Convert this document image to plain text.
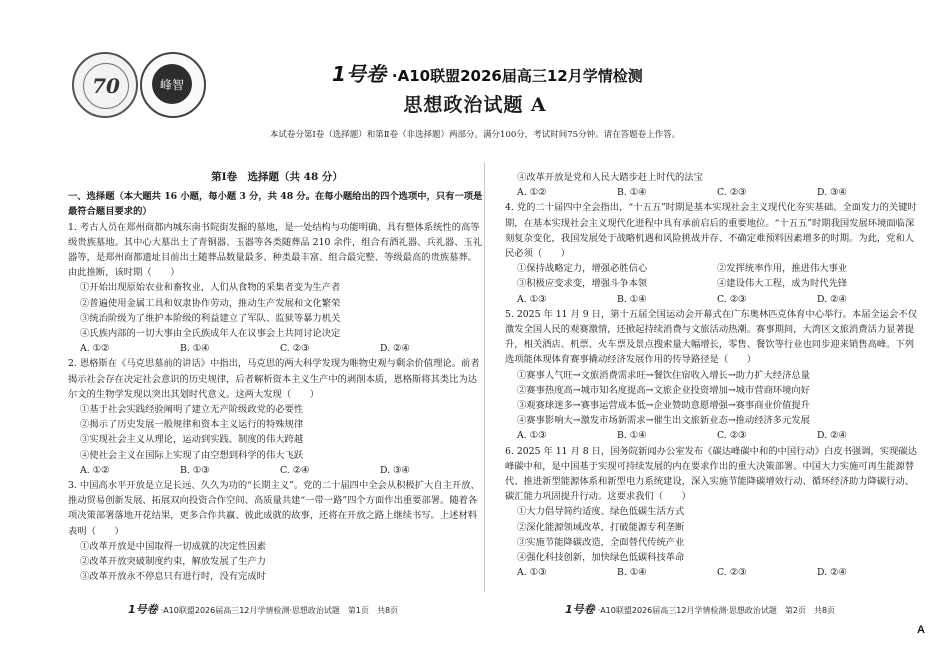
70	峰智	1号卷 ·A10联盟2026届高三12月学情检测
思想政治试题 A
本试卷分第Ⅰ卷（选择题）和第Ⅱ卷（非选择题）两部分。满分100分，考试时间75分钟。请在答题卷上作答。
第Ⅰ卷　选择题（共 48 分）

一、选择题（本大题共 16 小题，每小题 3 分，共 48 分。在每小题给出的四个选项中，只有一项是最符合题目要求的）

1. 考古人员在郑州商都内城东南书院街发掘的墓地，是一处结构与功能明确、具有整体系统性的高等级贵族墓地。其中心大墓出土了青铜器、玉器等各类随葬品 210 余件，组合有酒礼器、兵礼器、玉礼器等，是郑州商都遗址目前出土随葬品数量最多、种类最丰富、组合最完整、等级最高的贵族墓葬。由此推断，该时期（　　）

①开始出现原始农业和畜牧业，人们从食物的采集者变为生产者

②普遍使用金属工具和奴隶协作劳动，推动生产发展和文化繁荣

③统治阶级为了维护本阶级的利益建立了军队、监狱等暴力机关

④氏族内部的一切大事由全氏族成年人在议事会上共同讨论决定

A. ①②	B. ①④	C. ②③	D. ②④

2. 恩格斯在《马克思墓前的讲话》中指出，马克思的两大科学发现为唯物史观与剩余价值理论。前者揭示社会存在决定社会意识的历史规律，后者解析资本主义生产中的剥削本质，恩格斯将其类比为达尔文的生物学发现以突出其划时代意义。这两大发现（　　）

①基于社会实践经验阐明了建立无产阶级政党的必要性

②揭示了历史发展一般规律和资本主义运行的特殊规律

③实现社会主义从理论，运动到实践、制度的伟大跨越

④使社会主义在国际上实现了由空想到科学的伟大飞跃

A. ①②	B. ①③	C. ②④	D. ③④

3. 中国高水平开放是立足长远、久久为功的“长期主义”。党的二十届四中全会从积极扩大自主开放、推动贸易创新发展、拓展双向投资合作空间、高质量共建“一带一路”四个方面作出重要部署。随着各项决策部署落地开花结果，更多合作共赢、彼此成就的故事，还将在开放之路上继续书写。上述材料表明（　　）

①改革开放是中国取得一切成就的决定性因素

②改革开放突破制度约束，解放发展了生产力

③改革开放永不停息只有进行时，没有完成时

④改革开放是党和人民大踏步赶上时代的法宝

A. ①②	B. ①④	C. ②③	D. ③④

4. 党的二十届四中全会指出，“十五五”时期是基本实现社会主义现代化夯实基础、全面发力的关键时期，在基本实现社会主义现代化进程中具有承前启后的重要地位。“十五五”时期我国发展环境面临深刻复杂变化，我国发展处于战略机遇和风险挑战并存、不确定难预料因素增多的时期。为此，党和人民必须（　　）

①保持战略定力，增强必胜信心	②发挥统率作用，推进伟大事业
③积极应变求变，增强斗争本领	④建设伟大工程，成为时代先锋
A. ①③	B. ①④	C. ②③	D. ②④

5. 2025 年 11 月 9 日，第十五届全国运动会开幕式在广东奥林匹克体育中心举行。本届全运会不仅激发全国人民的观赛激情，还掀起持续消费与文旅活动热潮。赛事期间，大湾区文旅消费活力显著提升，相关酒店、机票、火车票及景点搜索量大幅增长，零售、餐饮等行业也同步迎来销售高峰。下列选项能体现体育赛事撬动经济发展作用的传导路径是（　　）

①赛事人气旺→文旅消费需求旺→餐饮住宿收入增长→助力扩大经济总量

②赛事热度高→城市知名度提高→文旅企业投资增加→城市营商环境向好

③观赛球迷多→赛事运营成本低→企业赞助意愿增强→赛事商业价值提升

④赛事影响大→激发市场新需求→催生出文旅新业态→推动经济多元发展

A. ①③	B. ①④	C. ②③	D. ②④

6. 2025 年 11 月 8 日，国务院新闻办公室发布《碳达峰碳中和的中国行动》白皮书强调，实现碳达峰碳中和，是中国基于实现可持续发展的内在要求作出的重大决策部署。中国大力实施可再生能源替代、推进新型能源体系和新型电力系统建设，深入实施节能降碳增效行动、循环经济助力降碳行动、碳汇能力巩固提升行动。这要求我们（　　）

①大力倡导简约适度、绿色低碳生活方式

②深化能源领域改革，打破能源专利垄断

③实施节能降碳改造，全面替代传统产业

④强化科技创新，加快绿色低碳科技革命

A. ①③	B. ①④	C. ②③	D. ②④
1号卷 ·A10联盟2026届高三12月学情检测·思想政治试题　第1页　共8页	1号卷 ·A10联盟2026届高三12月学情检测·思想政治试题　第2页　共8页
A
